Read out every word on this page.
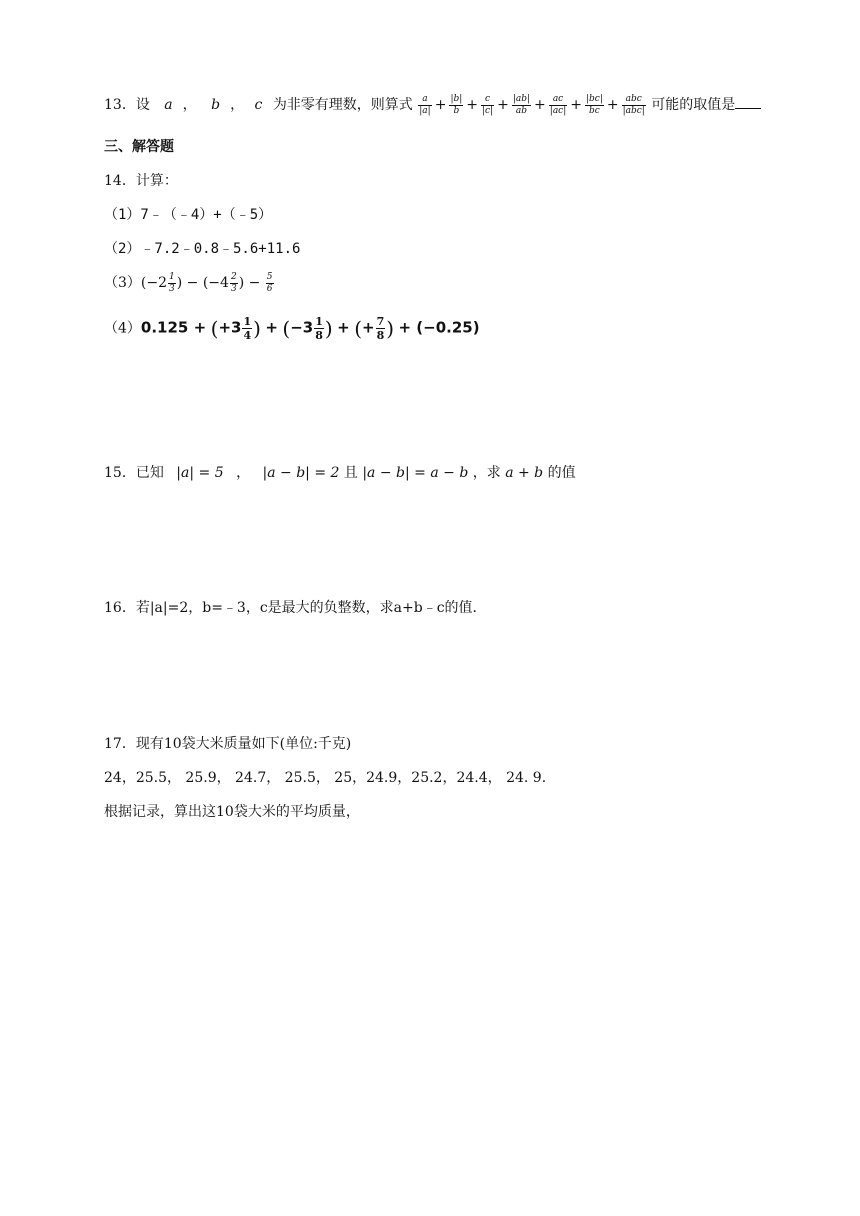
13．设 a ， b ， c 为非零有理数，则算式 $\frac{a}{|a|} + \frac{|b|}{b} + \frac{c}{|c|} + \frac{|ab|}{ab} + \frac{ac}{|ac|} + \frac{|bc|}{bc} + \frac{\text{abc}}{\text{|abc|}}$ 可能的取值是
三、解答题
14．计算：
（1）7﹣（﹣4）+（﹣5）
（2）﹣7.2﹣0.8﹣5.6+11.6
$(3)(-2 \frac{1}{3}$ ) − ($-4 \frac{2}{3}$ ) − $\frac{5}{6}$
$(4)0.125 + (+3 \frac{1}{4}$ ) + ($-3 \frac{1}{8}$ ) + (+ $\frac{7}{8}$ ) + (−0.25)
15．已知 |a| = 5 ， |a − b| = 2 且 |a − b| = a − b ，求 a + b 的值
16．若|a|=2，b=﹣3，c是最大的负整数，求a+b﹣c的值．
17．现有10袋大米质量如下(单位:千克)
24，25.5， 25.9， 24.7， 25.5， 25，24.9，25.2，24.4， 24. 9.
根据记录，算出这10袋大米的平均质量，
